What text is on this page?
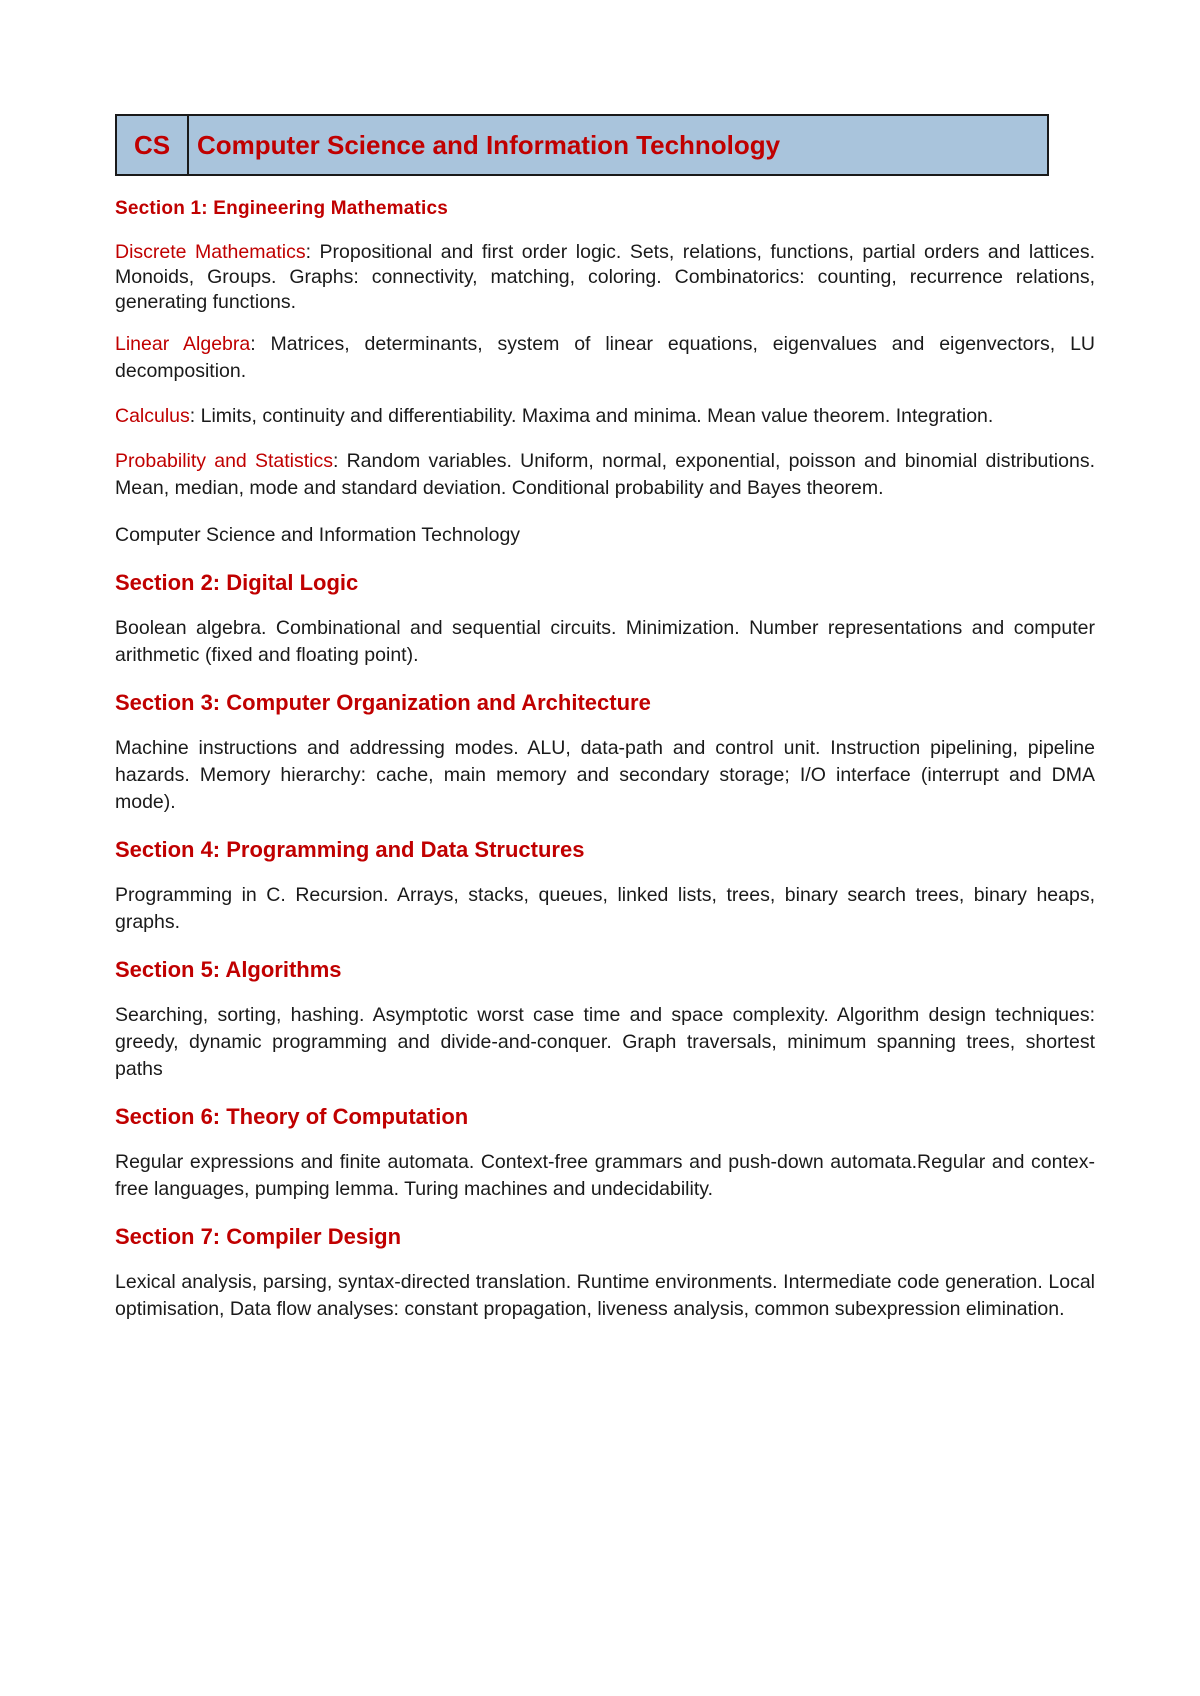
CS	Computer Science and Information Technology
Section 1: Engineering Mathematics

Discrete Mathematics: Propositional and first order logic. Sets, relations, functions, partial orders and lattices. Monoids, Groups. Graphs: connectivity, matching, coloring. Combinatorics: counting, recurrence relations, generating functions.

Linear Algebra: Matrices, determinants, system of linear equations, eigenvalues and eigenvectors, LU decomposition.

Calculus: Limits, continuity and differentiability. Maxima and minima. Mean value theorem. Integration.

Probability and Statistics: Random variables. Uniform, normal, exponential, poisson and binomial distributions. Mean, median, mode and standard deviation. Conditional probability and Bayes theorem.

Computer Science and Information Technology

Section 2: Digital Logic

Boolean algebra. Combinational and sequential circuits. Minimization. Number representations and computer arithmetic (fixed and floating point).

Section 3: Computer Organization and Architecture

Machine instructions and addressing modes. ALU, data-path and control unit. Instruction pipelining, pipeline hazards. Memory hierarchy: cache, main memory and secondary storage; I/O interface (interrupt and DMA mode).

Section 4: Programming and Data Structures

Programming in C. Recursion. Arrays, stacks, queues, linked lists, trees, binary search trees, binary heaps, graphs.

Section 5: Algorithms

Searching, sorting, hashing. Asymptotic worst case time and space complexity. Algorithm design techniques: greedy, dynamic programming and divide-and-conquer. Graph traversals, minimum spanning trees, shortest paths

Section 6: Theory of Computation

Regular expressions and finite automata. Context-free grammars and push-down automata.Regular and contex-free languages, pumping lemma. Turing machines and undecidability.

Section 7: Compiler Design

Lexical analysis, parsing, syntax-directed translation. Runtime environments. Intermediate code generation. Local optimisation, Data flow analyses: constant propagation, liveness analysis, common subexpression elimination.
